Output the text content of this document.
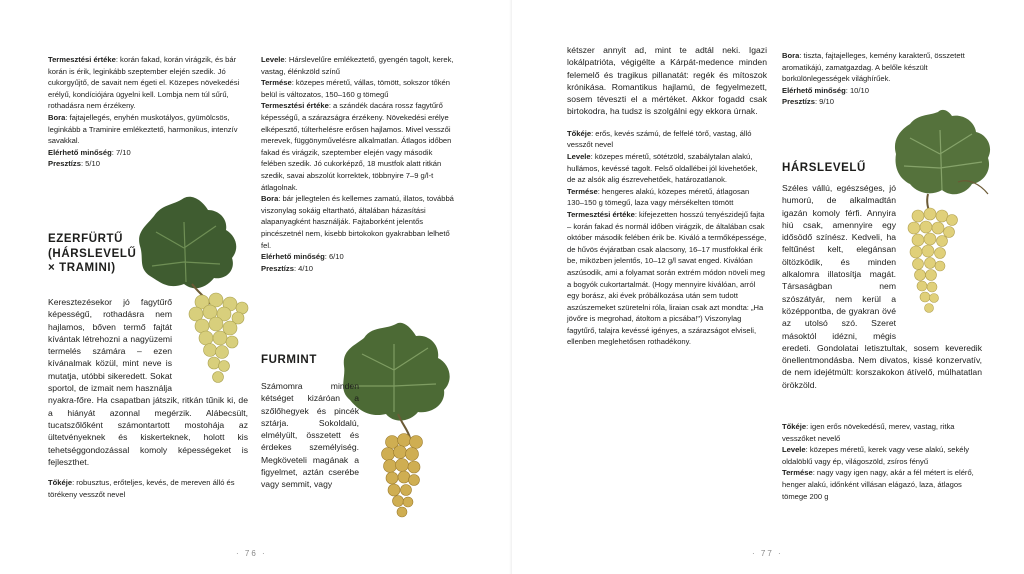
Termesztési értéke: korán fakad, korán virágzik, és bár korán is érik, leginkább szeptember elején szedik. Jó cukorgyűjtő, de savait nem égeti el. Közepes növekedési erélyű, kondíciójára ügyelni kell. Lombja nem túl sűrű, rothadásra nem érzékeny.

Bora: fajtajellegés, enyhén muskotályos, gyümölcsös, leginkább a Traminire emlékeztető, harmonikus, intenzív savakkal.

Elérhető minőség: 7/10

Presztízs: 5/10

EZERFÜRTŰ
(HÁRSLEVELŰ
× TRAMINI)

Keresztezésekor jó fagytűrő képességű, rothadásra nem hajlamos, bőven termő fajtát kívántak létrehozni a nagyüzemi termelés számára – ezen kívánalmak közül, mint neve is mutatja, utóbbi sikeredett. Sokat sportol, de izmait nem használja nyakra-főre. Ha csapatban játszik, ritkán tűnik ki, de a hiányát azonnal megérzik. Alábecsült, tucatszőlőként számontartott mostohája az ültetvényeknek és kiskerteknek, holott kis tehetséggondozással komoly képességeket is fejleszthet.

Tőkéje: robusztus, erőteljes, kevés, de mereven álló és törékeny vesszőt nevel

Levele: Hárslevelűre emlékeztető, gyengén tagolt, kerek, vastag, élénkzöld színű

Termése: közepes méretű, vállas, tömött, sokszor tőkén belül is változatos, 150–160 g tömegű

Termesztési értéke: a szándék dacára rossz fagytűrő képességű, a szárazságra érzékeny. Növekedési erélye elképesztő, túlterhelésre erősen hajlamos. Mivel vesszői merevek, függönyművelésre alkalmatlan. Átlagos időben fakad és virágzik, szeptember elején vagy második felében szedik. Jó cukorképző, 18 mustfok alatt ritkán szedik, savai abszolút korrektek, többnyire 7–9 g/l-t átlagolnak.

Bora: bár jellegtelen és kellemes zamatú, illatos, továbbá viszonylag sokáig eltartható, általában házasítási alapanyagként használják. Fajtaborként jelentős pincészetnél nem, kisebb birtokokon gyakrabban lelhető fel.

Elérhető minőség: 6/10

Presztízs: 4/10

FURMINT

Számomra minden kétséget kizáróan a szőlőhegyek és pincék sztárja. Sokoldalú, elmélyült, összetett és érdekes személyiség. Megköveteli magának a figyelmet, aztán cserébe vagy semmit, vagy

· 76 ·

kétszer annyit ad, mint te adtál neki. Igazi lokálpatrióta, végigélte a Kárpát-medence minden felemelő és tragikus pillanatát: regék és mítoszok krónikása. Romantikus hajlamú, de fegyelmezett, sosem téveszti el a mértéket. Akkor fogadd csak birtokodra, ha tudsz is szolgálni egy ekkora úrnak.

Tőkéje: erős, kevés számú, de felfelé törő, vastag, álló vesszőt nevel

Levele: közepes méretű, sötétzöld, szabálytalan alakú, hullámos, kevéssé tagolt. Felső oldallébei jól kivehetőek, de az alsók alig észrevehetőek, határozatlanok.

Termése: hengeres alakú, közepes méretű, átlagosan 130–150 g tömegű, laza vagy mérsékelten tömött

Termesztési értéke: kifejezetten hosszú tenyészidejű fajta – korán fakad és normál időben virágzik, de általában csak október második felében érik be. Kiváló a termőképessége, de hűvös évjáratban csak alacsony, 16–17 mustfokkal érik be, miközben jelentős, 10–12 g/l savat enged. Kiválóan aszúsodik, ami a folyamat során extrém módon növeli meg a bogyók cukortartalmát. (Hogy mennyire kiválóan, arról egy borász, aki évek próbálkozása után sem tudott aszúszemeket szüretelni róla, liraian csak azt mondta: „Ha jövőre is megrohad, átoltom a picsába!") Viszonylag fagytűrő, talajra kevéssé igényes, a szárazságot elviseli, ellenben meglehetősen rothadékony.

Bora: tiszta, fajtajelleges, kemény karakterű, összetett aromatikájú, zamatgazdag. A belőle készült borkülönlegességek világhírűek.

Elérhető minőség: 10/10

Presztízs: 9/10

HÁRSLEVELŰ

Széles vállú, egészséges, jó humorú, de alkalmadtán igazán komoly férfi. Annyira hiú csak, amennyire egy idősödő színész. Kedveli, ha feltűnést kelt, elegánsan öltözködik, és minden alkalomra illatosítja magát. Társaságban nem szószátyár, nem kerül a középpontba, de gyakran övé az utolsó szó. Szeret másoktól idézni, mégis eredeti. Gondolatai letisztultak, sosem keveredik önellentmondásba. Nem divatos, kissé konzervatív, de nem idejétmúlt: korszakokon átívelő, múlhatatlan örökzöld.

Tőkéje: igen erős növekedésű, merev, vastag, ritka vesszőket nevelő

Levele: közepes méretű, kerek vagy vese alakú, sekély oldalöblű vagy ép, világoszöld, zsíros fényű

Termése: nagy vagy igen nagy, akár a fél métert is elérő, henger alakú, időnként villásan elágazó, laza, átlagos tömege 200 g

· 77 ·
